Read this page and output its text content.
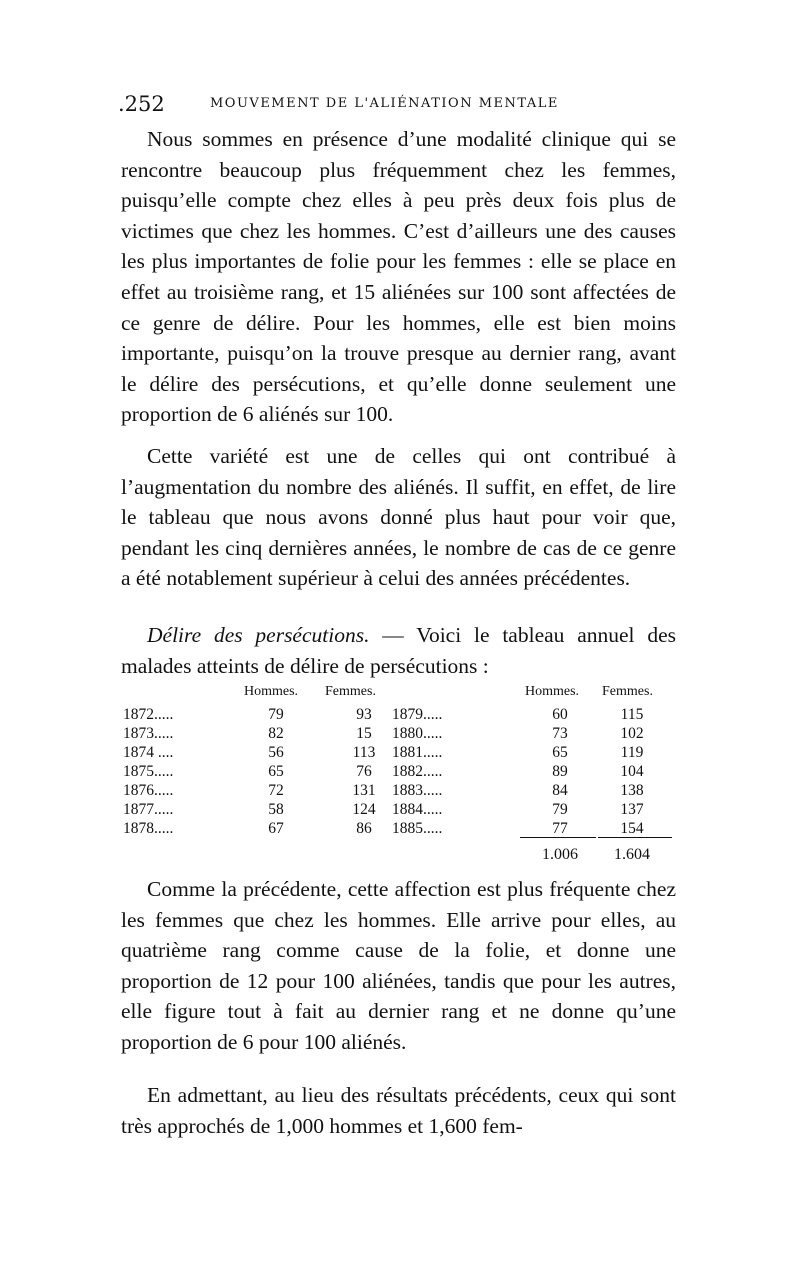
.252	MOUVEMENT DE L'ALIÉNATION MENTALE

Nous sommes en présence d’une modalité clinique qui se rencontre beaucoup plus fréquemment chez les femmes, puisqu’elle compte chez elles à peu près deux fois plus de victimes que chez les hommes. C’est d’ailleurs une des causes les plus importantes de folie pour les femmes : elle se place en effet au troisième rang, et 15 aliénées sur 100 sont affectées de ce genre de délire. Pour les hommes, elle est bien moins importante, puisqu’on la trouve presque au dernier rang, avant le délire des persécutions, et qu’elle donne seulement une proportion de 6 aliénés sur 100.

Cette variété est une de celles qui ont contribué à l’augmentation du nombre des aliénés. Il suffit, en effet, de lire le tableau que nous avons donné plus haut pour voir que, pendant les cinq dernières années, le nombre de cas de ce genre a été notablement supérieur à celui des années précédentes.

Délire des persécutions. — Voici le tableau annuel des malades atteints de délire de persécutions :

Hommes. Femmes.	Hommes. Femmes.
1872.....	79	93	1879.....	60	115
1873.....	82	15	1880.....	73	102
1874 ....	56	113	1881.....	65	119
1875.....	65	76	1882.....	89	104
1876.....	72	131	1883.....	84	138
1877.....	58	124	1884.....	79	137
1878.....	67	86	1885.....	77	154
1.006	1.604

Comme la précédente, cette affection est plus fréquente chez les femmes que chez les hommes. Elle arrive pour elles, au quatrième rang comme cause de la folie, et donne une proportion de 12 pour 100 aliénées, tandis que pour les autres, elle figure tout à fait au dernier rang et ne donne qu’une proportion de 6 pour 100 aliénés.

En admettant, au lieu des résultats précédents, ceux qui sont très approchés de 1,000 hommes et 1,600 fem-
